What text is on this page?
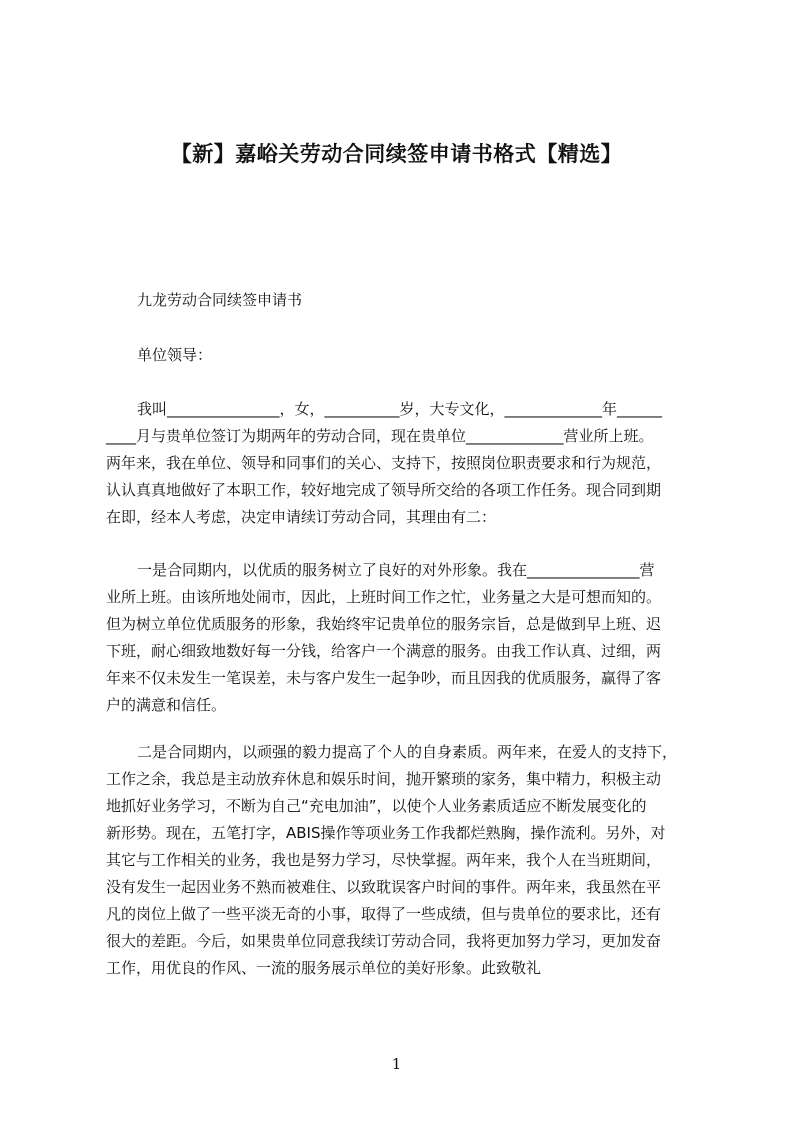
【新】嘉峪关劳动合同续签申请书格式【精选】
九龙劳动合同续签申请书
单位领导：
我叫_______________，女，__________岁，大专文化，_____________年______
____月与贵单位签订为期两年的劳动合同，现在贵单位_____________营业所上班。
两年来，我在单位、领导和同事们的关心、支持下，按照岗位职责要求和行为规范，
认认真真地做好了本职工作，较好地完成了领导所交给的各项工作任务。现合同到期
在即，经本人考虑，决定申请续订劳动合同，其理由有二：
一是合同期内，以优质的服务树立了良好的对外形象。我在_______________营
业所上班。由该所地处闹市，因此，上班时间工作之忙，业务量之大是可想而知的。
但为树立单位优质服务的形象，我始终牢记贵单位的服务宗旨，总是做到早上班、迟
下班，耐心细致地数好每一分钱，给客户一个满意的服务。由我工作认真、过细，两
年来不仅未发生一笔误差，未与客户发生一起争吵，而且因我的优质服务，赢得了客
户的满意和信任。
二是合同期内，以顽强的毅力提高了个人的自身素质。两年来，在爱人的支持下，
工作之余，我总是主动放弃休息和娱乐时间，抛开繁琐的家务，集中精力，积极主动
地抓好业务学习，不断为自己“充电加油”，以使个人业务素质适应不断发展变化的
新形势。现在，五笔打字，ABIS操作等项业务工作我都烂熟胸，操作流利。另外，对
其它与工作相关的业务，我也是努力学习，尽快掌握。两年来，我个人在当班期间，
没有发生一起因业务不熟而被难住、以致耽误客户时间的事件。两年来，我虽然在平
凡的岗位上做了一些平淡无奇的小事，取得了一些成绩，但与贵单位的要求比，还有
很大的差距。今后，如果贵单位同意我续订劳动合同，我将更加努力学习，更加发奋
工作，用优良的作风、一流的服务展示单位的美好形象。此致敬礼
1
